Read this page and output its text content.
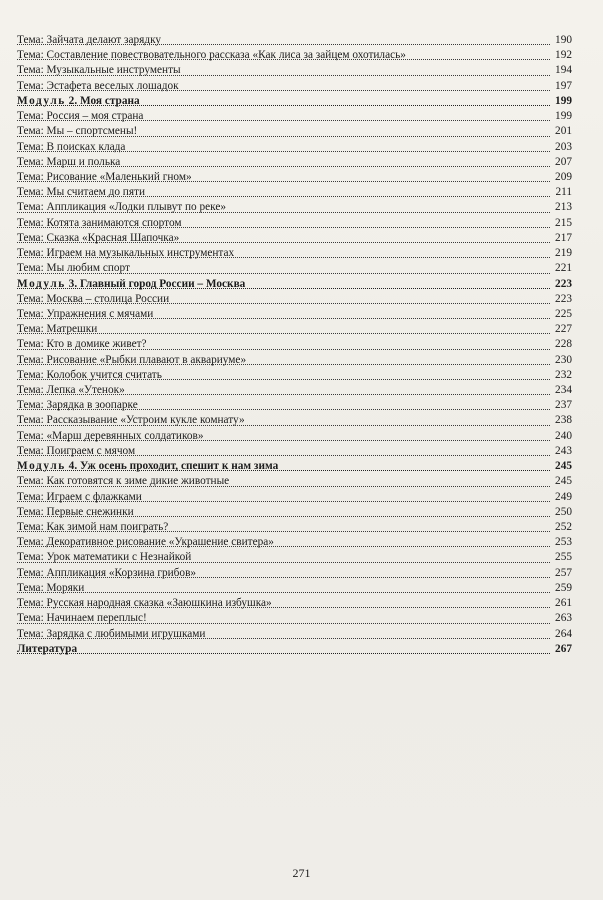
Тема: Зайчата делают зарядку	190
Тема: Составление повествовательного рассказа «Как лиса за зайцем охотилась»	192
Тема: Музыкальные инструменты	194
Тема: Эстафета веселых лошадок	197
Модуль 2. Моя страна	199
Тема: Россия – моя страна	199
Тема: Мы – спортсмены!	201
Тема: В поисках клада	203
Тема: Марш и полька	207
Тема: Рисование «Маленький гном»	209
Тема: Мы считаем до пяти	211
Тема: Аппликация «Лодки плывут по реке»	213
Тема: Котята занимаются спортом	215
Тема: Сказка «Красная Шапочка»	217
Тема: Играем на музыкальных инструментах	219
Тема: Мы любим спорт	221
Модуль 3. Главный город России – Москва	223
Тема: Москва – столица России	223
Тема: Упражнения с мячами	225
Тема: Матрешки	227
Тема: Кто в домике живет?	228
Тема: Рисование «Рыбки плавают в аквариуме»	230
Тема: Колобок учится считать	232
Тема: Лепка «Утенок»	234
Тема: Зарядка в зоопарке	237
Тема: Рассказывание «Устроим кукле комнату»	238
Тема: «Марш деревянных солдатиков»	240
Тема: Поиграем с мячом	243
Модуль 4. Уж осень проходит, спешит к нам зима	245
Тема: Как готовятся к зиме дикие животные	245
Тема: Играем с флажками	249
Тема: Первые снежинки	250
Тема: Как зимой нам поиграть?	252
Тема: Декоративное рисование «Украшение свитера»	253
Тема: Урок математики с Незнайкой	255
Тема: Аппликация «Корзина грибов»	257
Тема: Моряки	259
Тема: Русская народная сказка «Заюшкина избушка»	261
Тема: Начинаем переплыс!	263
Тема: Зарядка с любимыми игрушками	264
Литература	267
271
